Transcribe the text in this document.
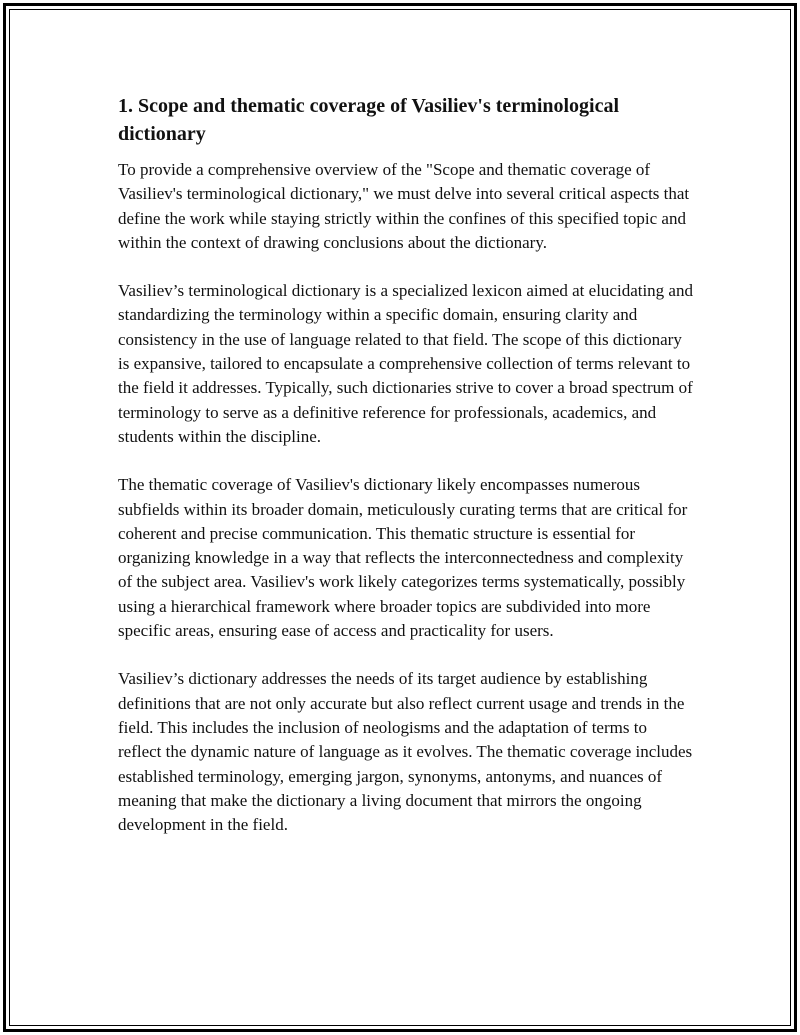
1. Scope and thematic coverage of Vasiliev's terminological dictionary

To provide a comprehensive overview of the "Scope and thematic coverage of Vasiliev's terminological dictionary," we must delve into several critical aspects that define the work while staying strictly within the confines of this specified topic and within the context of drawing conclusions about the dictionary.

Vasiliev’s terminological dictionary is a specialized lexicon aimed at elucidating and standardizing the terminology within a specific domain, ensuring clarity and consistency in the use of language related to that field. The scope of this dictionary is expansive, tailored to encapsulate a comprehensive collection of terms relevant to the field it addresses. Typically, such dictionaries strive to cover a broad spectrum of terminology to serve as a definitive reference for professionals, academics, and students within the discipline.

The thematic coverage of Vasiliev's dictionary likely encompasses numerous subfields within its broader domain, meticulously curating terms that are critical for coherent and precise communication. This thematic structure is essential for organizing knowledge in a way that reflects the interconnectedness and complexity of the subject area. Vasiliev's work likely categorizes terms systematically, possibly using a hierarchical framework where broader topics are subdivided into more specific areas, ensuring ease of access and practicality for users.

Vasiliev’s dictionary addresses the needs of its target audience by establishing definitions that are not only accurate but also reflect current usage and trends in the field. This includes the inclusion of neologisms and the adaptation of terms to reflect the dynamic nature of language as it evolves. The thematic coverage includes established terminology, emerging jargon, synonyms, antonyms, and nuances of meaning that make the dictionary a living document that mirrors the ongoing development in the field.
